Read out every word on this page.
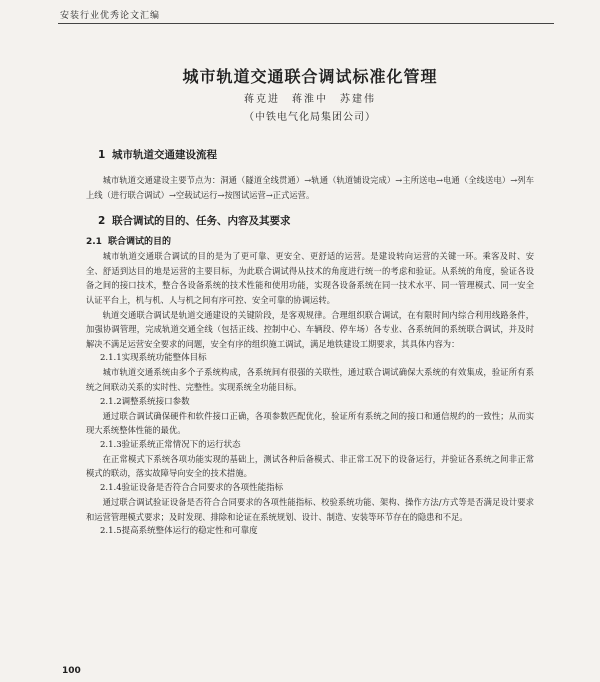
安装行业优秀论文汇编
城市轨道交通联合调试标准化管理
蒋克进　蒋淮中　苏建伟
（中铁电气化局集团公司）
1 城市轨道交通建设流程

城市轨道交通建设主要节点为：洞通（隧道全线贯通）→轨通（轨道铺设完成）→主所送电→电通（全线送电）→列车上线（进行联合调试）→空载试运行→按图试运营→正式运营。

2 联合调试的目的、任务、内容及其要求
2.1 联合调试的目的

城市轨道交通联合调试的目的是为了更可靠、更安全、更舒适的运营。是建设转向运营的关键一环。乘客及时、安全、舒适到达目的地是运营的主要目标，为此联合调试得从技术的角度进行统一的考虑和验证。从系统的角度，验证各设备之间的接口技术，整合各设备系统的技术性能和使用功能，实现各设备系统在同一技术水平、同一管理模式、同一安全认证平台上，机与机、人与机之间有序可控、安全可靠的协调运转。

轨道交通联合调试是轨道交通建设的关键阶段，是客观规律。合理组织联合调试，在有限时间内综合利用线路条件，加强协调管理，完成轨道交通全线（包括正线、控制中心、车辆段、停车场）各专业、各系统间的系统联合调试，并及时解决不满足运营安全要求的问题，安全有序的组织施工调试，满足地铁建设工期要求，其具体内容为：

2.1.1实现系统功能整体目标

城市轨道交通系统由多个子系统构成，各系统间有很强的关联性，通过联合调试确保大系统的有效集成，验证所有系统之间联动关系的实时性、完整性。实现系统全功能目标。

2.1.2调整系统接口参数

通过联合调试确保硬件和软件接口正确，各项参数匹配优化，验证所有系统之间的接口和通信规约的一致性；从而实现大系统整体性能的最优。

2.1.3验证系统正常情况下的运行状态

在正常模式下系统各项功能实现的基础上，测试各种后备模式、非正常工况下的设备运行，并验证各系统之间非正常模式的联动，落实故障导向安全的技术措施。

2.1.4验证设备是否符合合同要求的各项性能指标

通过联合调试验证设备是否符合合同要求的各项性能指标、校验系统功能、架构、操作方法/方式等是否满足设计要求和运营管理模式要求；及时发现、排除和论证在系统规划、设计、制造、安装等环节存在的隐患和不足。

2.1.5提高系统整体运行的稳定性和可靠度
100
